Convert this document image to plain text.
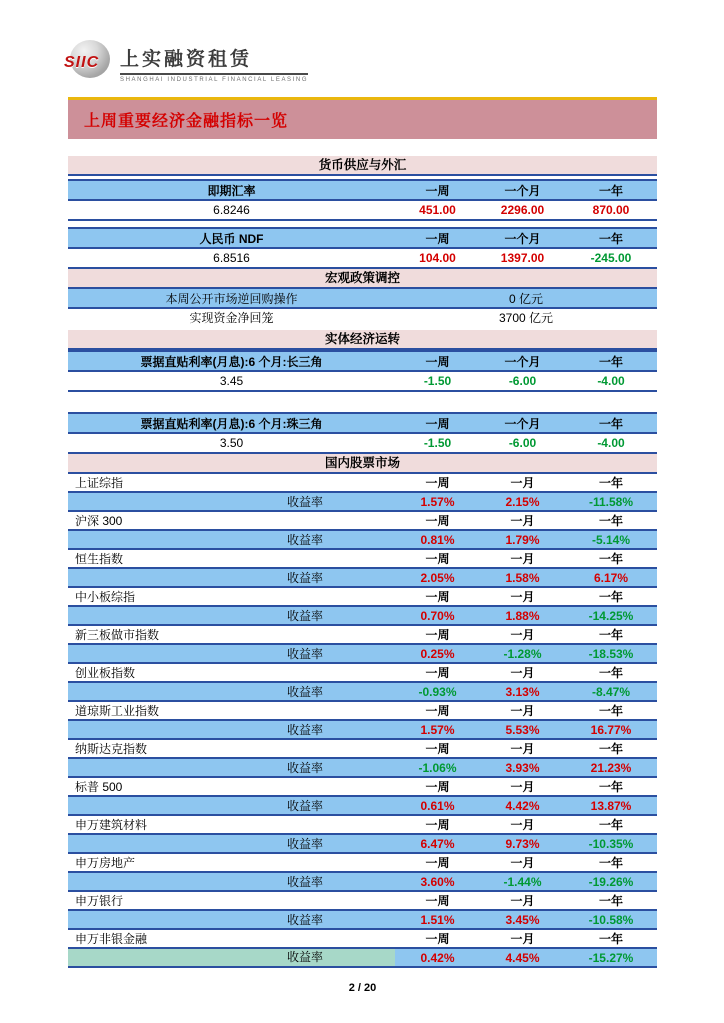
SIIC 上实融资租赁
SHANGHAI INDUSTRIAL FINANCIAL LEASING
上周重要经济金融指标一览
货币供应与外汇
即期汇率	一周	一个月	一年
6.8246	451.00	2296.00	870.00
人民币 NDF	一周	一个月	一年
6.8516	104.00	1397.00	-245.00
宏观政策调控
本周公开市场逆回购操作	0 亿元
实现资金净回笼	3700 亿元
实体经济运转
票据直贴利率(月息):6 个月:长三角	一周	一个月	一年
3.45	-1.50	-6.00	-4.00
票据直贴利率(月息):6 个月:珠三角	一周	一个月	一年
3.50	-1.50	-6.00	-4.00
国内股票市场
上证综指	一周	一月	一年
收益率	1.57%	2.15%	-11.58%
沪深 300	一周	一月	一年
收益率	0.81%	1.79%	-5.14%
恒生指数	一周	一月	一年
收益率	2.05%	1.58%	6.17%
中小板综指	一周	一月	一年
收益率	0.70%	1.88%	-14.25%
新三板做市指数	一周	一月	一年
收益率	0.25%	-1.28%	-18.53%
创业板指数	一周	一月	一年
收益率	-0.93%	3.13%	-8.47%
道琼斯工业指数	一周	一月	一年
收益率	1.57%	5.53%	16.77%
纳斯达克指数	一周	一月	一年
收益率	-1.06%	3.93%	21.23%
标普 500	一周	一月	一年
收益率	0.61%	4.42%	13.87%
申万建筑材料	一周	一月	一年
收益率	6.47%	9.73%	-10.35%
申万房地产	一周	一月	一年
收益率	3.60%	-1.44%	-19.26%
申万银行	一周	一月	一年
收益率	1.51%	3.45%	-10.58%
申万非银金融	一周	一月	一年
收益率	0.42%	4.45%	-15.27%
2 / 20
